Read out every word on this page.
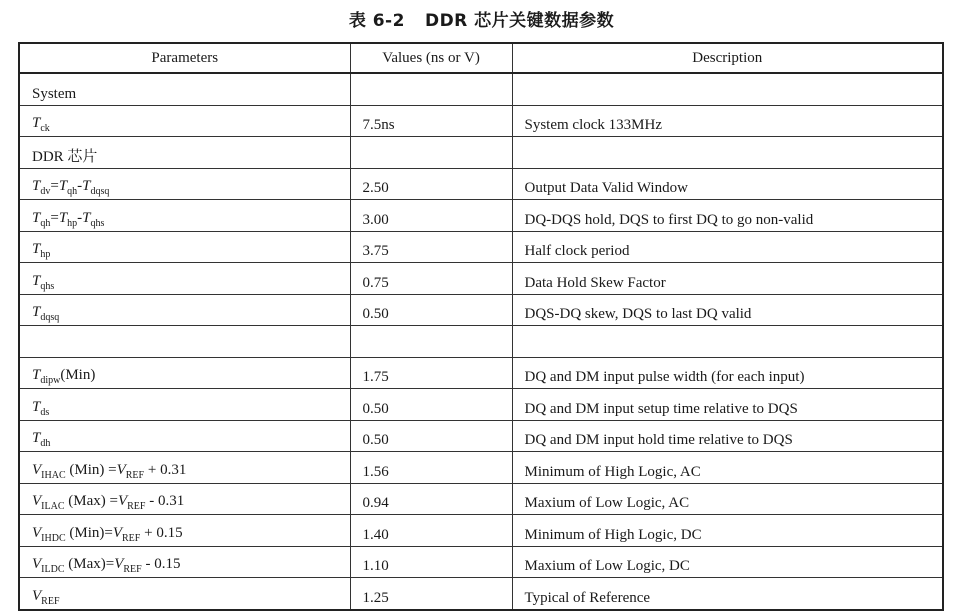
表 6-2 DDR 芯片关键数据参数
Parameters	Values (ns or V)	Description
System		
$T_{ck}$	7.5ns	System clock 133MHz
DDR 芯片		
$T_{dv}=T_{qh}-T_{dqsq}$	2.50	Output Data Valid Window
$T_{qh}=T_{hp}-T_{qhs}$	3.00	DQ-DQS hold, DQS to first DQ to go non-valid
$T_{hp}$	3.75	Half clock period
$T_{qhs}$	0.75	Data Hold Skew Factor
$T_{dqsq}$	0.50	DQS-DQ skew, DQS to last DQ valid

$T_{dipw}(Min)$	1.75	DQ and DM input pulse width (for each input)
$T_{ds}$	0.50	DQ and DM input setup time relative to DQS
$T_{dh}$	0.50	DQ and DM input hold time relative to DQS
$V_{IHAC}$ $(Min) =V_{REF} + 0.31$	1.56	Minimum of High Logic, AC
$V_{ILAC}$ $(Max) =V_{REF} - 0.31$	0.94	Maxium of Low Logic, AC
$V_{IHDC}$ $(Min)=V_{REF} + 0.15$	1.40	Minimum of High Logic, DC
$V_{ILDC}$ $(Max)=V_{REF} - 0.15$	1.10	Maxium of Low Logic, DC
$V_{REF}$	1.25	Typical of Reference
